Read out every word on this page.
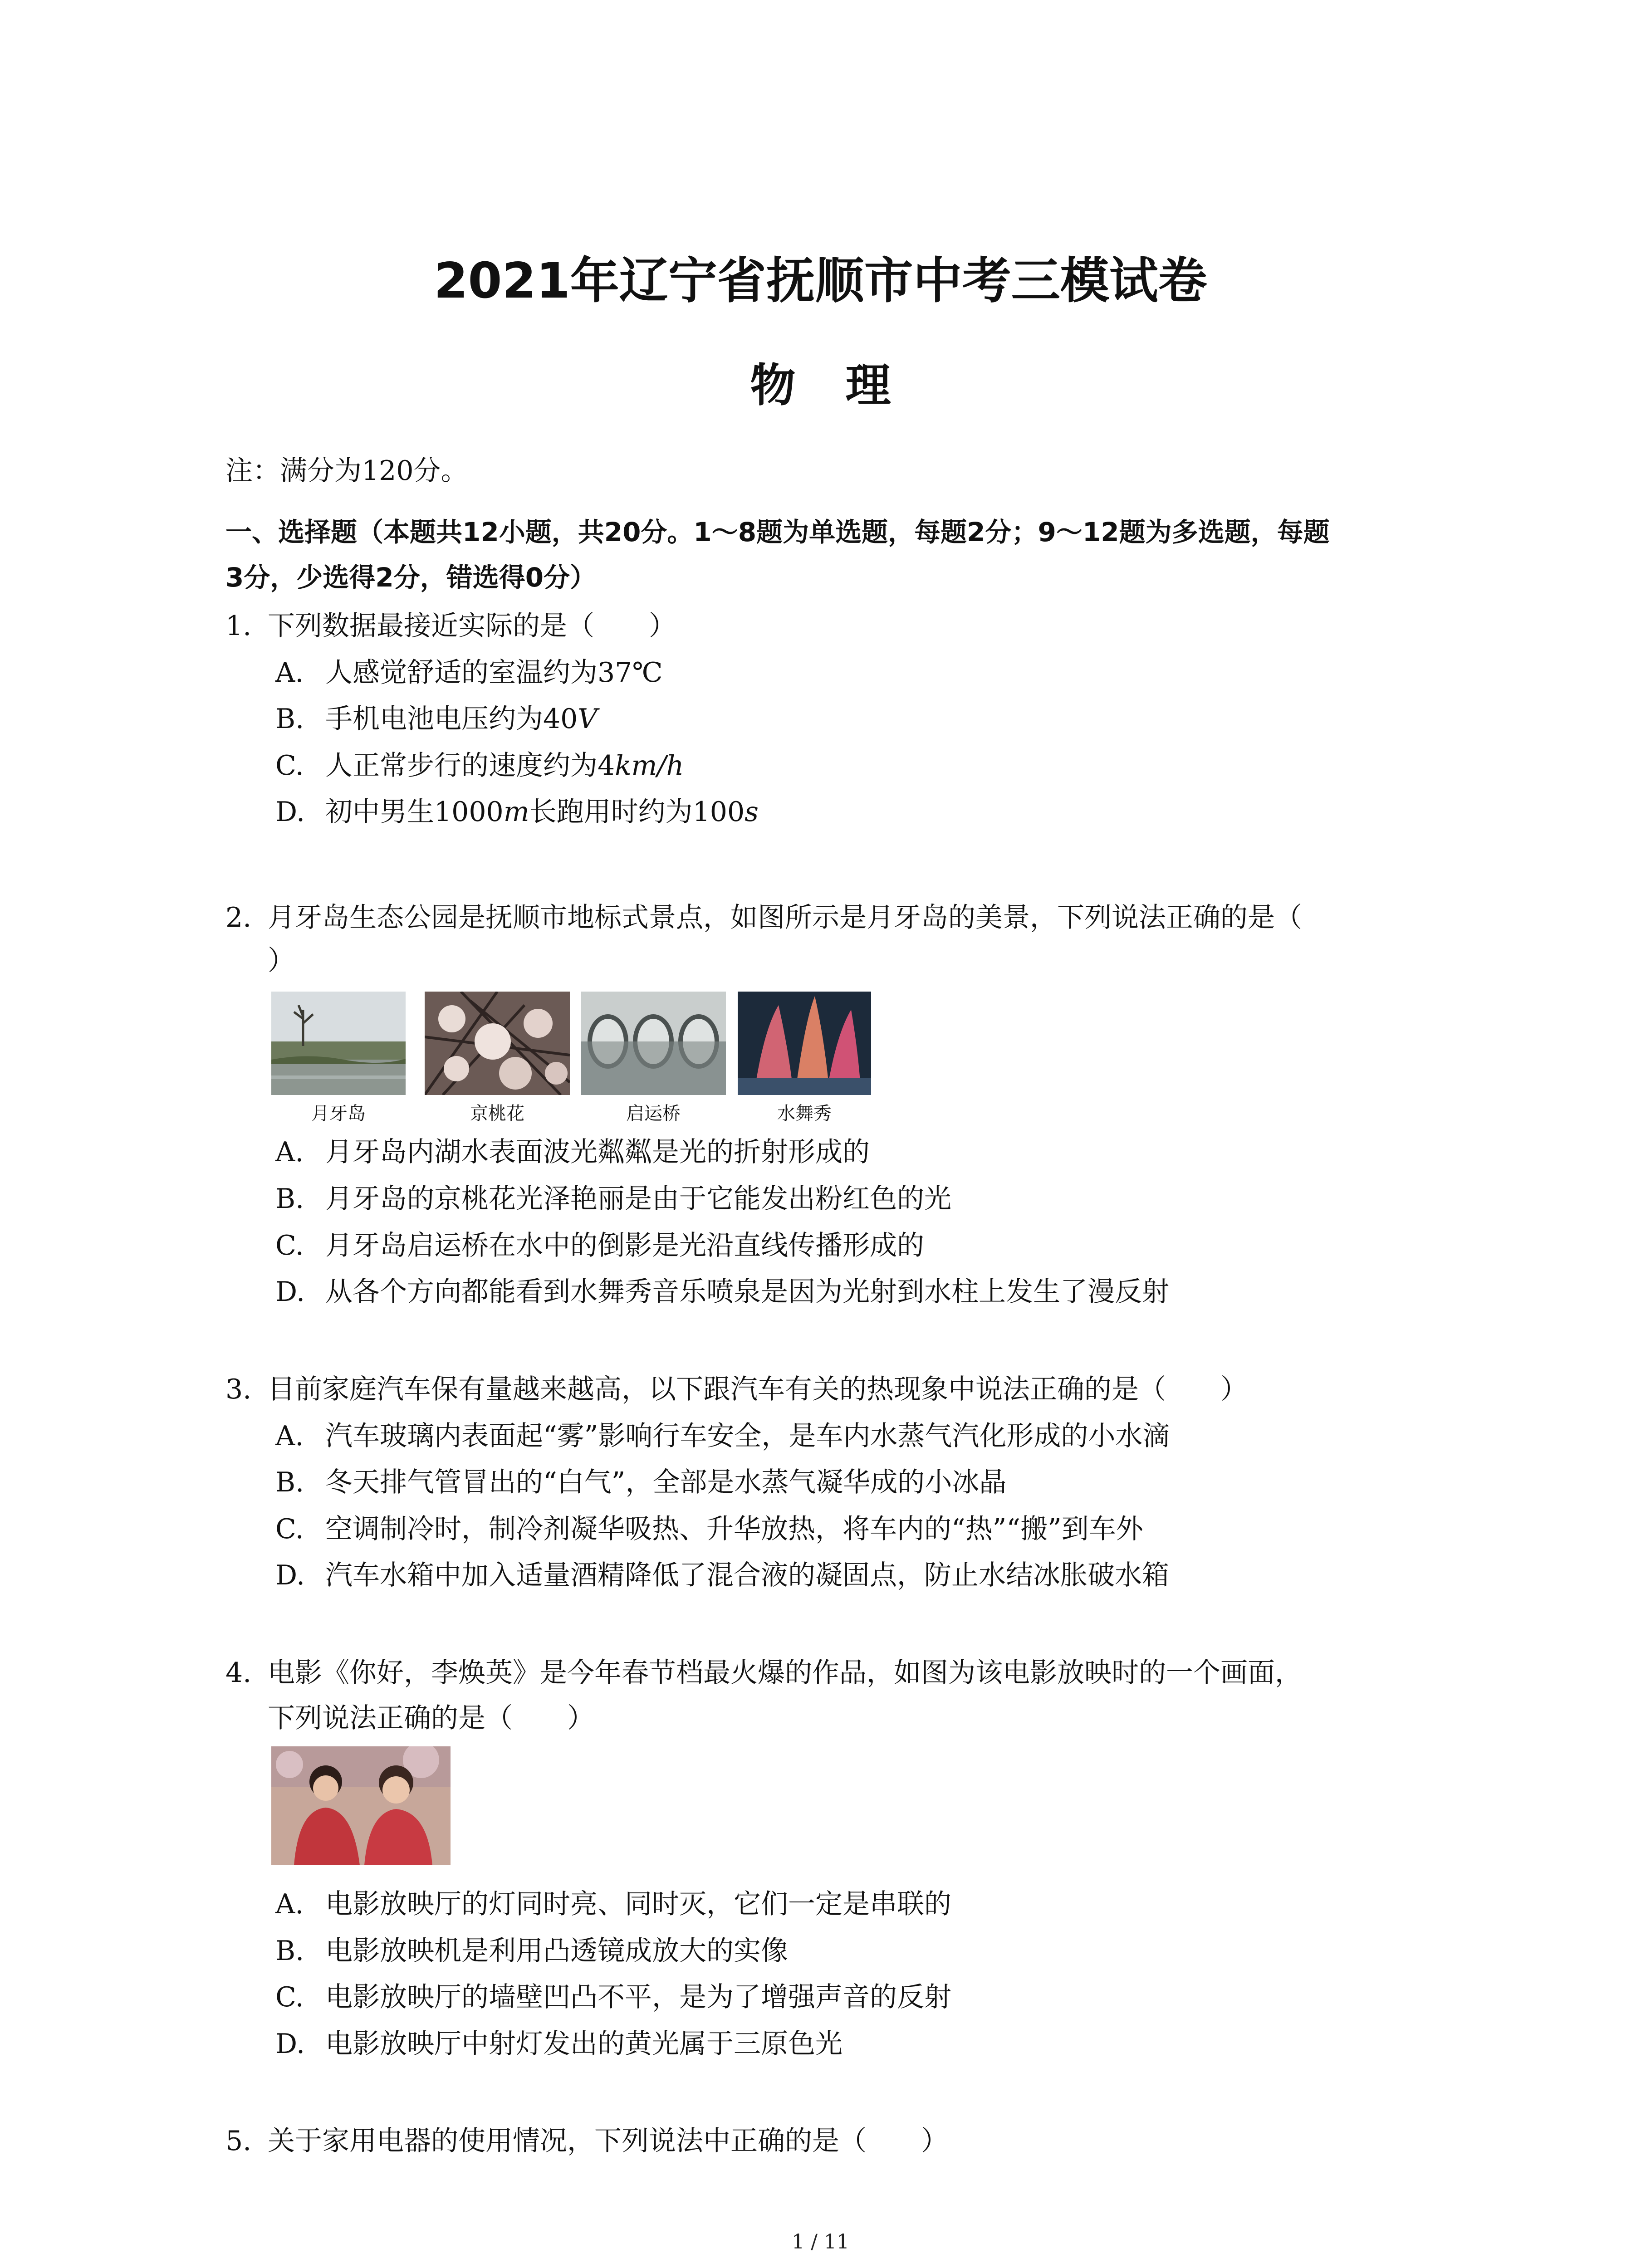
2021年辽宁省抚顺市中考三模试卷
物理
注：满分为120分。
一、选择题（本题共12小题，共20分。1～8题为单选题，每题2分；9～12题为多选题，每题
3分，少选得2分，错选得0分）
1. 下列数据最接近实际的是（　　）
A. 人感觉舒适的室温约为37℃
B. 手机电池电压约为40V
C. 人正常步行的速度约为4km/h
D. 初中男生1000m长跑用时约为100s
2. 月牙岛生态公园是抚顺市地标式景点，如图所示是月牙岛的美景，下列说法正确的是（
）
月牙岛	京桃花	启运桥	水舞秀
A. 月牙岛内湖水表面波光粼粼是光的折射形成的
B. 月牙岛的京桃花光泽艳丽是由于它能发出粉红色的光
C. 月牙岛启运桥在水中的倒影是光沿直线传播形成的
D. 从各个方向都能看到水舞秀音乐喷泉是因为光射到水柱上发生了漫反射
3. 目前家庭汽车保有量越来越高，以下跟汽车有关的热现象中说法正确的是（　　）
A. 汽车玻璃内表面起“雾”影响行车安全，是车内水蒸气汽化形成的小水滴
B. 冬天排气管冒出的“白气”，全部是水蒸气凝华成的小冰晶
C. 空调制冷时，制冷剂凝华吸热、升华放热，将车内的“热”“搬”到车外
D. 汽车水箱中加入适量酒精降低了混合液的凝固点，防止水结冰胀破水箱
4. 电影《你好，李焕英》是今年春节档最火爆的作品，如图为该电影放映时的一个画面，
下列说法正确的是（　　）
A. 电影放映厅的灯同时亮、同时灭，它们一定是串联的
B. 电影放映机是利用凸透镜成放大的实像
C. 电影放映厅的墙壁凹凸不平，是为了增强声音的反射
D. 电影放映厅中射灯发出的黄光属于三原色光
5. 关于家用电器的使用情况，下列说法中正确的是（　　）
1 / 11
